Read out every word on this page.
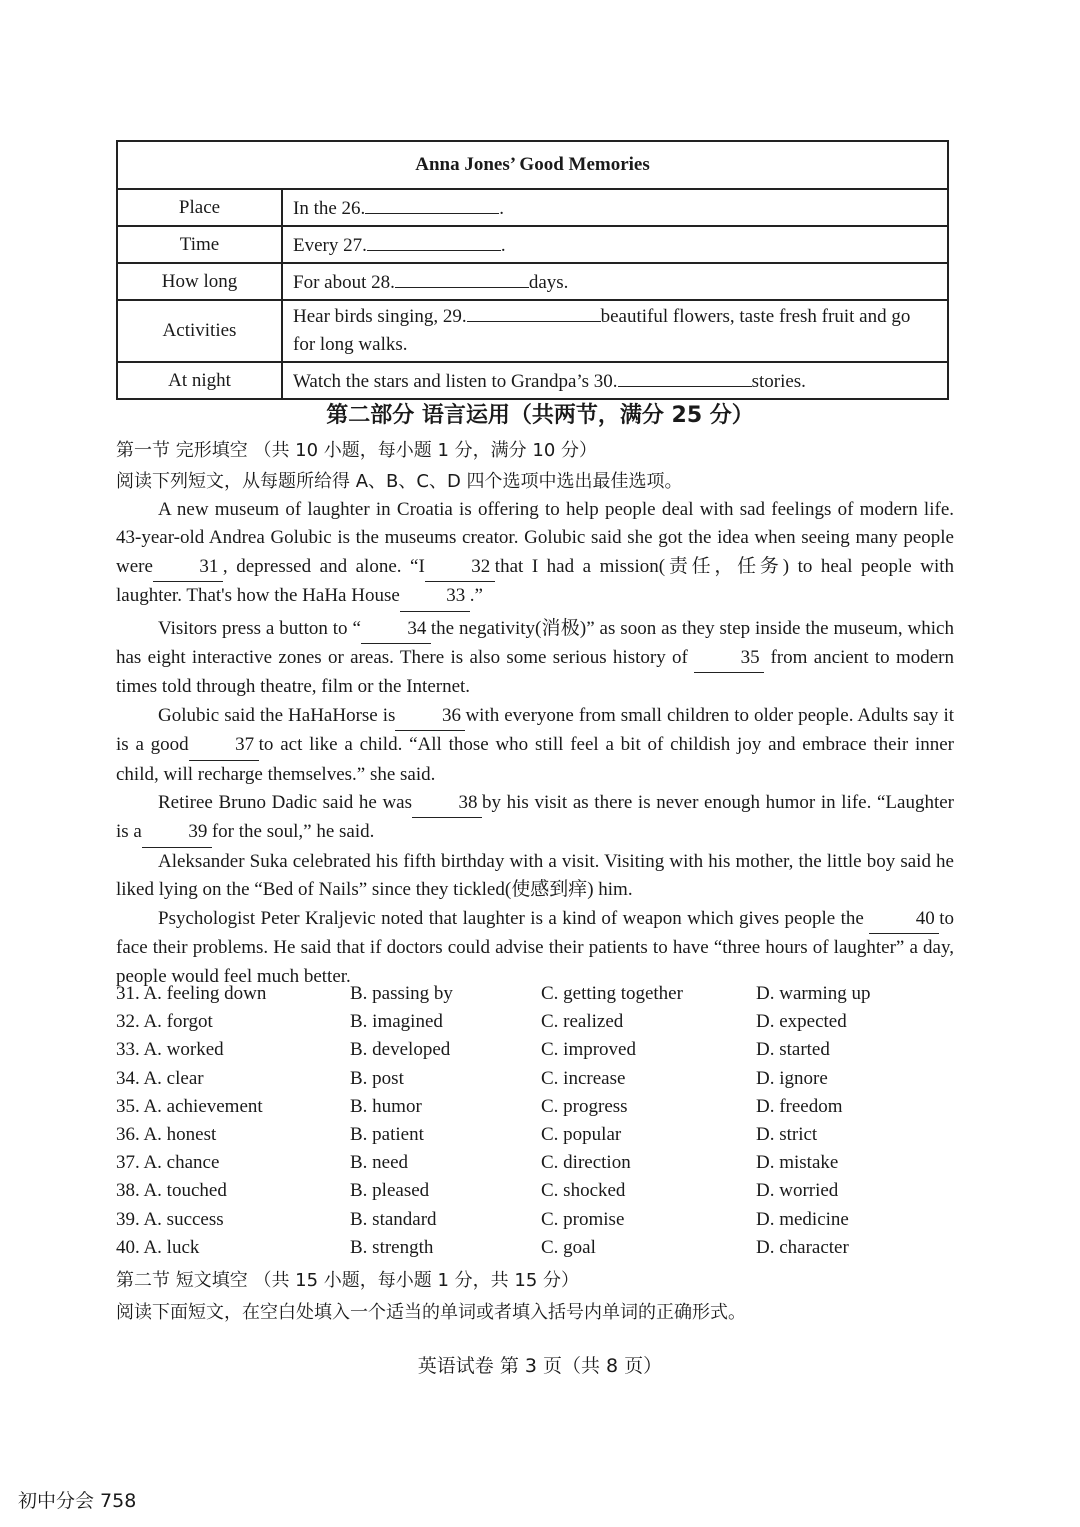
Anna Jones’ Good Memories	
Place	In the 26. .
Time	Every 27. .
How long	For about 28. days.
Activities	Hear birds singing, 29. beautiful flowers, taste fresh fruit and go for long walks.
At night	Watch the stars and listen to Grandpa’s 30. stories.
第二部分 语言运用（共两节，满分 25 分）
第一节 完形填空 （共 10 小题，每小题 1 分，满分 10 分）
阅读下列短文，从每题所给得 A、B、C、D 四个选项中选出最佳选项。

A new museum of laughter in Croatia is offering to help people deal with sad feelings of modern life. 43-year-old Andrea Golubic is the museums creator. Golubic said she got the idea when seeing many people were 31 , depressed and alone. “I 32 that I had a mission(责任，任务) to heal people with laughter. That's how the HaHa House 33 .”

Visitors press a button to “ 34 the negativity(消极)” as soon as they step inside the museum, which has eight interactive zones or areas. There is also some serious history of	35 from ancient to modern times told through theatre, film or the Internet.

Golubic said the HaHaHorse is 36 with everyone from small children to older people. Adults say it is a good 37 to act like a child. “All those who still feel a bit of childish joy and embrace their inner child, will recharge themselves.” she said.

Retiree Bruno Dadic said he was 38 by his visit as there is never enough humor in life. “Laughter is a 39 for the soul,” he said.

Aleksander Suka celebrated his fifth birthday with a visit. Visiting with his mother, the little boy said he liked lying on the “Bed of Nails” since they tickled(使感到痒) him.

Psychologist Peter Kraljevic noted that laughter is a kind of weapon which gives people the	40 to face their problems. He said that if doctors could advise their patients to have “three hours of laughter” a day, people would feel much better.

31. A. feeling down	B. passing by	C. getting together	D. warming up
32. A. forgot	B. imagined	C. realized	D. expected
33. A. worked	B. developed	C. improved	D. started
34. A. clear	B. post	C. increase	D. ignore
35. A. achievement	B. humor	C. progress	D. freedom
36. A. honest	B. patient	C. popular	D. strict
37. A. chance	B. need	C. direction	D. mistake
38. A. touched	B. pleased	C. shocked	D. worried
39. A. success	B. standard	C. promise	D. medicine
40. A. luck	B. strength	C. goal	D. character
第二节 短文填空 （共 15 小题，每小题 1 分，共 15 分）
阅读下面短文，在空白处填入一个适当的单词或者填入括号内单词的正确形式。
英语试卷 第 3 页（共 8 页）
初中分会 758
